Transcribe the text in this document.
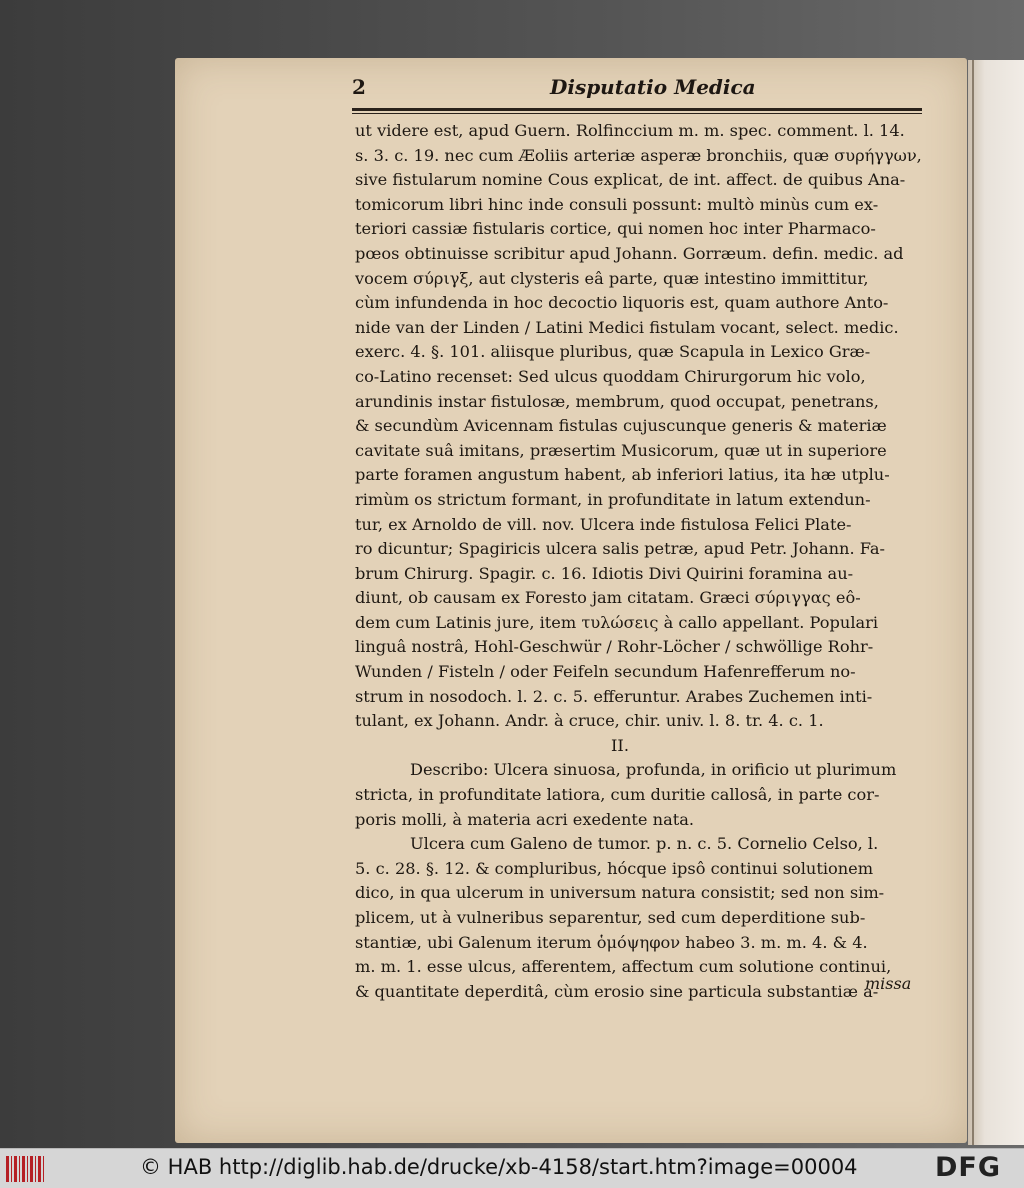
2	Disputatio Medica
ut videre est, apud Guern. Rolfinccium m. m. spec. comment. l. 14.
s. 3. c. 19. nec cum Æoliis arteriæ asperæ bronchiis, quæ συρήγγων,
sive fistularum nomine Cous explicat, de int. affect. de quibus Ana-
tomicorum libri hinc inde consuli possunt: multò minùs cum ex-
teriori cassiæ fistularis cortice, qui nomen hoc inter Pharmaco-
pœos obtinuisse scribitur apud Johann. Gorræum. defin. medic. ad
vocem σύριγξ, aut clysteris eâ parte, quæ intestino immittitur,
cùm infundenda in hoc decoctio liquoris est, quam authore Anto-
nide van der Linden / Latini Medici fistulam vocant, select. medic.
exerc. 4. §. 101. aliisque pluribus, quæ Scapula in Lexico Græ-
co-Latino recenset: Sed ulcus quoddam Chirurgorum hic volo,
arundinis instar fistulosæ, membrum, quod occupat, penetrans,
& secundùm Avicennam fistulas cujuscunque generis & materiæ
cavitate suâ imitans, præsertim Musicorum, quæ ut in superiore
parte foramen angustum habent, ab inferiori latius, ita hæ utplu-
rimùm os strictum formant, in profunditate in latum extendun-
tur, ex Arnoldo de vill. nov. Ulcera inde fistulosa Felici Plate-
ro dicuntur; Spagiricis ulcera salis petræ, apud Petr. Johann. Fa-
brum Chirurg. Spagir. c. 16. Idiotis Divi Quirini foramina au-
diunt, ob causam ex Foresto jam citatam. Græci σύριγγας eô-
dem cum Latinis jure, item τυλώσεις à callo appellant. Populari
linguâ nostrâ, Hohl-Geschwür / Rohr-Löcher / schwöllige Rohr-
Wunden / Fisteln / oder Feifeln secundum Hafenrefferum no-
strum in nosodoch. l. 2. c. 5. efferuntur. Arabes Zuchemen inti-
tulant, ex Johann. Andr. à cruce, chir. univ. l. 8. tr. 4. c. 1.
II.
Describo: Ulcera sinuosa, profunda, in orificio ut plurimum
stricta, in profunditate latiora, cum duritie callosâ, in parte cor-
poris molli, à materia acri exedente nata.
Ulcera cum Galeno de tumor. p. n. c. 5. Cornelio Celso, l.
5. c. 28. §. 12. & compluribus, hócque ipsô continui solutionem
dico, in qua ulcerum in universum natura consistit; sed non sim-
plicem, ut à vulneribus separentur, sed cum deperditione sub-
stantiæ, ubi Galenum iterum ὁμόψηφον habeo 3. m. m. 4. & 4.
m. m. 1. esse ulcus, afferentem, affectum cum solutione continui,
& quantitate deperditâ, cùm erosio sine particula substantiæ a-
missa
© HAB http://diglib.hab.de/drucke/xb-4158/start.htm?image=00004	DFG
